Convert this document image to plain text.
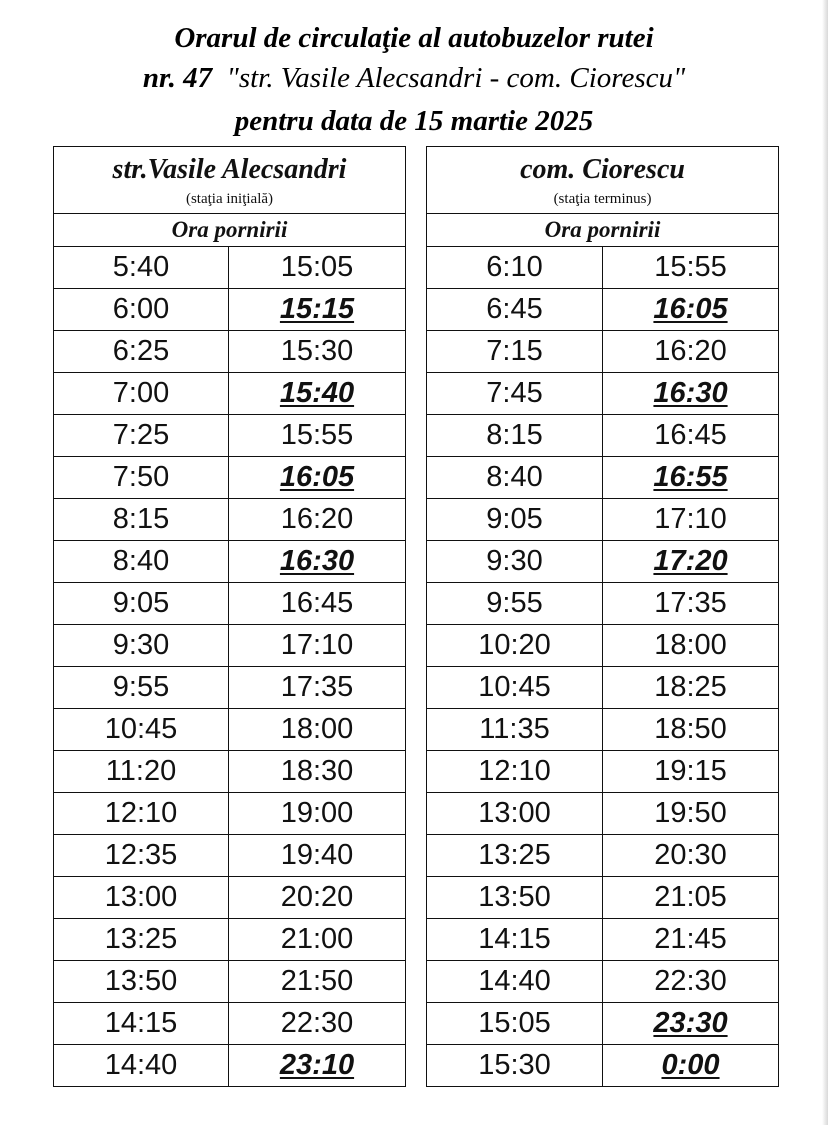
Orarul de circulaţie al autobuzelor rutei
nr. 47 "str. Vasile Alecsandri - com. Ciorescu"
pentru data de 15 martie 2025
str.Vasile Alecsandri
(staţia iniţială)	

Ora pornirii	
5:40	15:05
6:00	15:15
6:25	15:30
7:00	15:40
7:25	15:55
7:50	16:05
8:15	16:20
8:40	16:30
9:05	16:45
9:30	17:10
9:55	17:35
10:45	18:00
11:20	18:30
12:10	19:00
12:35	19:40
13:00	20:20
13:25	21:00
13:50	21:50
14:15	22:30
14:40	23:10
com. Ciorescu
(staţia terminus)	

Ora pornirii	
6:10	15:55
6:45	16:05
7:15	16:20
7:45	16:30
8:15	16:45
8:40	16:55
9:05	17:10
9:30	17:20
9:55	17:35
10:20	18:00
10:45	18:25
11:35	18:50
12:10	19:15
13:00	19:50
13:25	20:30
13:50	21:05
14:15	21:45
14:40	22:30
15:05	23:30
15:30	0:00
